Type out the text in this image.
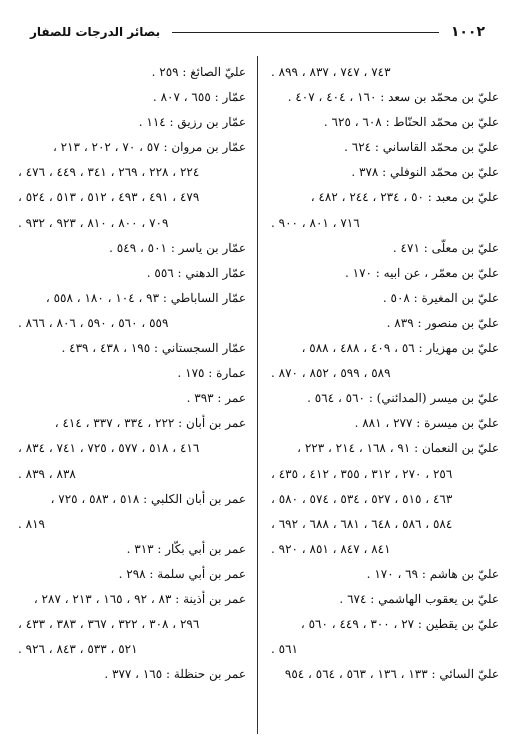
١٠٠٢
بصائر الدرجات للصفار
٧٤٣ ، ٧٤٧ ، ٨٣٧ ، ٨٩٩ .
عليّ بن محمّد بن سعد : ١٦٠ ، ٤٠٤ ، ٤٠٧ .
عليّ بن محمّد الحنّاط : ٦٠٨ ، ٦٢٥ .
عليّ بن محمّد القاساني : ٦٢٤ .
عليّ بن محمّد النوفلي : ٣٧٨ .
عليّ بن معبد : ٥٠ ، ٢٣٤ ، ٢٤٤ ، ٤٨٢ ،
٧١٦ ، ٨٠١ ، ٩٠٠ .
عليّ بن معلّى : ٤٧١ .
عليّ بن معمّر ، عن ابيه : ١٧٠ .
عليّ بن المغيرة : ٥٠٨ .
عليّ بن منصور : ٨٣٩ .
عليّ بن مهزيار : ٥٦ ، ٤٠٩ ، ٤٨٨ ، ٥٨٨ ،
٥٨٩ ، ٥٩٩ ، ٨٥٢ ، ٨٧٠ .
عليّ بن ميسر (المدائني) : ٥٦٠ ، ٥٦٤ .
عليّ بن ميسرة : ٢٧٧ ، ٨٨١ .
عليّ بن النعمان : ٩١ ، ١٦٨ ، ٢١٤ ، ٢٢٣ ،
٢٥٦ ، ٢٧٠ ، ٣١٢ ، ٣٥٥ ، ٤١٢ ، ٤٣٥ ،
٤٦٣ ، ٥١٥ ، ٥٢٧ ، ٥٣٤ ، ٥٧٤ ، ٥٨٠ ،
٥٨٤ ، ٥٨٦ ، ٦٤٨ ، ٦٨١ ، ٦٨٨ ، ٦٩٢ ،
٨٤١ ، ٨٤٧ ، ٨٥١ ، ٩٢٠ .
عليّ بن هاشم : ٦٩ ، ١٧٠ .
عليّ بن يعقوب الهاشمي : ٦٧٤ .
عليّ بن يقطين : ٢٧ ، ٣٠٠ ، ٤٤٩ ، ٥٦٠ ،
٥٦١ .
عليّ السائي : ١٣٣ ، ١٣٦ ، ٥٦٣ ، ٥٦٤ ، ٩٥٤
عليّ الصائغ : ٢٥٩ .
عمّار : ٦٥٥ ، ٨٠٧ .
عمّار بن رزيق : ١١٤ .
عمّار بن مروان : ٥٧ ، ٧٠ ، ٢٠٢ ، ٢١٣ ،
٢٢٤ ، ٢٢٨ ، ٢٦٩ ، ٣٤١ ، ٤٤٩ ، ٤٧٦ ،
٤٧٩ ، ٤٩١ ، ٤٩٣ ، ٥١٢ ، ٥١٣ ، ٥٢٤ ،
٧٠٩ ، ٨٠٠ ، ٨١٠ ، ٩٢٣ ، ٩٣٢ .
عمّار بن ياسر : ٥٠١ ، ٥٤٩ .
عمّار الدهني : ٥٥٦ .
عمّار الساباطي : ٩٣ ، ١٠٤ ، ١٨٠ ، ٥٥٨ ،
٥٥٩ ، ٥٦٠ ، ٥٩٠ ، ٨٠٦ ، ٨٦٦ .
عمّار السجستاني : ١٩٥ ، ٤٣٨ ، ٤٣٩ .
عمارة : ١٧٥ .
عمر : ٣٩٣ .
عمر بن أبان : ٢٢٢ ، ٣٣٤ ، ٣٣٧ ، ٤١٤ ،
٤١٦ ، ٥١٨ ، ٥٧٧ ، ٧٢٥ ، ٧٤١ ، ٨٣٤ ،
٨٣٨ ، ٨٣٩ .
عمر بن أبان الكلبي : ٥١٨ ، ٥٨٣ ، ٧٢٥ ،
٨١٩ .
عمر بن أبي بكّار : ٣١٣ .
عمر بن أبي سلمة : ٢٩٨ .
عمر بن أذينة : ٨٣ ، ٩٢ ، ١٦٥ ، ٢١٣ ، ٢٨٧ ،
٢٩٦ ، ٣٠٨ ، ٣٢٢ ، ٣٦٧ ، ٣٨٣ ، ٤٣٣ ،
٥٢١ ، ٥٣٣ ، ٨٤٣ ، ٩٢٦ .
عمر بن حنظلة : ١٦٥ ، ٣٧٧ .
